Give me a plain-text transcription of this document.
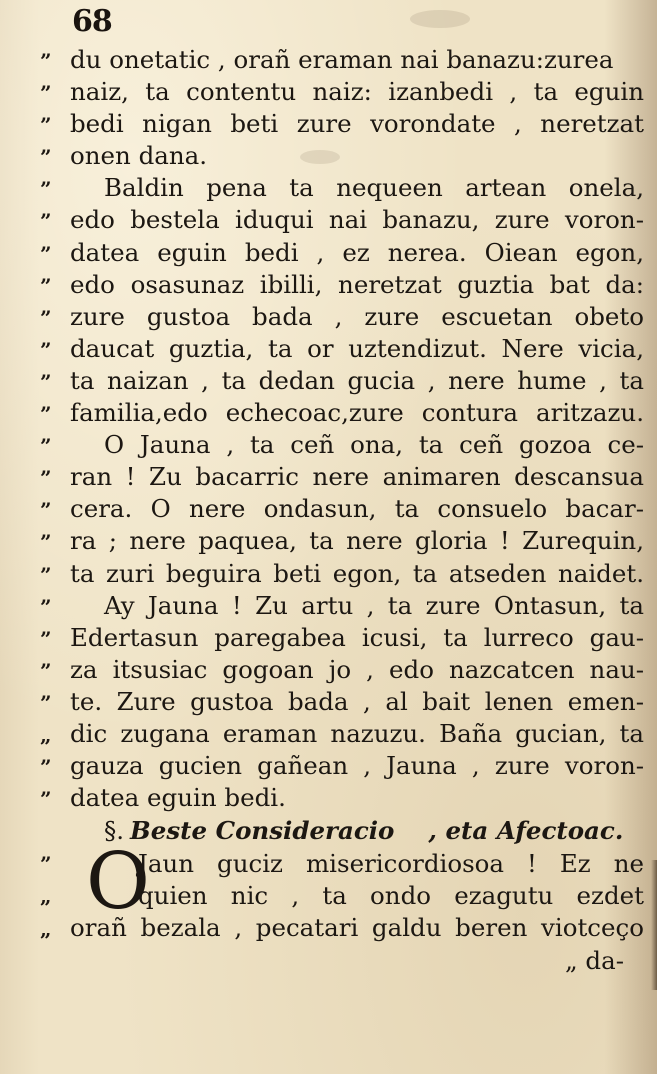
68
” du onetatic , orañ eraman nai banazu:zurea
” naiz, ta contentu naiz: izanbedi , ta eguin
” bedi nigan beti zure vorondate , neretzat
” onen dana.
”	Baldin pena ta nequeen artean onela,
” edo bestela iduqui nai banazu, zure voron-
” datea eguin bedi , ez nerea. Oiean egon,
” edo osasunaz ibilli, neretzat guztia bat da:
” zure gustoa bada , zure escuetan obeto
” daucat guztia, ta or uztendizut. Nere vicia,
” ta naizan , ta dedan gucia , nere hume , ta
” familia,edo echecoac,zure contura aritzazu.
”	O Jauna , ta ceñ ona, ta ceñ gozoa ce-
” ran ! Zu bacarric nere animaren descansua
” cera. O nere ondasun, ta consuelo bacar-
” ra ; nere paquea, ta nere gloria ! Zurequin,
” ta zuri beguira beti egon, ta atseden naidet.
”	Ay Jauna ! Zu artu , ta zure Ontasun, ta
” Edertasun paregabea icusi, ta lurreco gau-
” za itsusiac gogoan jo , edo nazcatcen nau-
” te. Zure gustoa bada , al bait lenen emen-
„ dic zugana eraman nazuzu. Baña gucian, ta
” gauza gucien gañean , Jauna , zure voron-
” datea eguin bedi.
§. Beste Consideracio , eta Afectoac.
O
”	Jaun guciz misericordiosoa ! Ez ne
„	quien nic , ta ondo ezagutu ezdet
„ orañ bezala , pecatari galdu beren viotceço
„ da-
